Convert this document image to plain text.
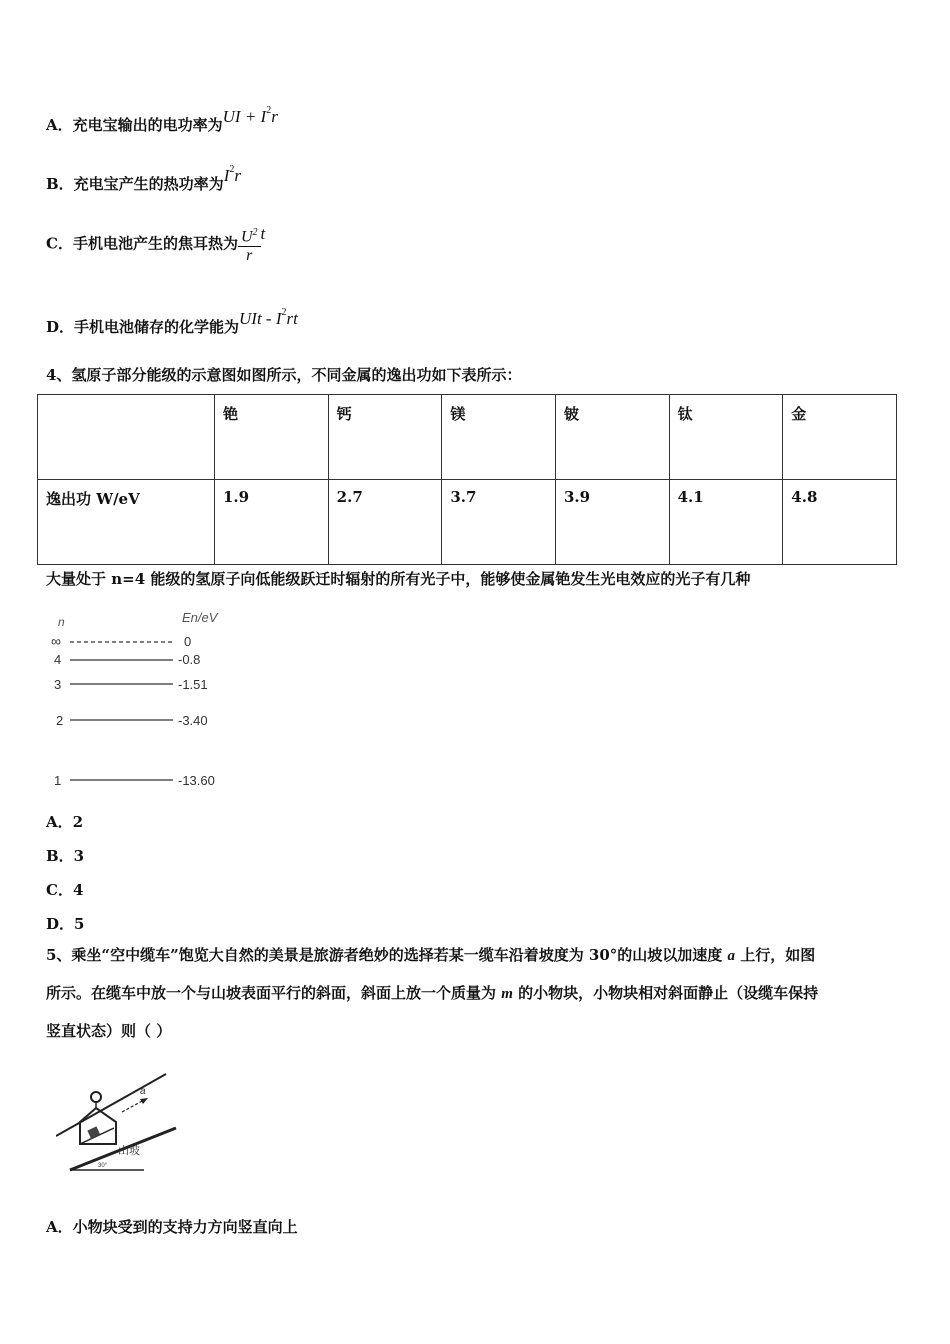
A．充电宝输出的电功率为UI + $I^2r$
B．充电宝产生的热功率为$I^2r$
C．手机电池产生的焦耳热为 $\frac{U^2}{r}$ t
D．手机电池储存的化学能为UIt - $I^2rt$
4、氢原子部分能级的示意图如图所示，不同金属的逸出功如下表所示：
	铯	钙	镁	铍	钛	金
逸出功 W/eV	1.9	2.7	3.7	3.9	4.1	4.8
大量处于 n=4 能级的氢原子向低能级跃迁时辐射的所有光子中，能够使金属铯发生光电效应的光子有几种
n	En/eV
∞	0
4	-0.8
3	-1.51
2	-3.40
1	-13.60
A．2
B．3
C．4
D．5
5、乘坐“空中缆车”饱览大自然的美景是旅游者绝妙的选择若某一缆车沿着坡度为 30°的山坡以加速度 a 上行，如图
所示。在缆车中放一个与山坡表面平行的斜面，斜面上放一个质量为 m 的小物块，小物块相对斜面静止（设缆车保持
竖直状态）则（ ）
30°
山坡
a
A．小物块受到的支持力方向竖直向上
